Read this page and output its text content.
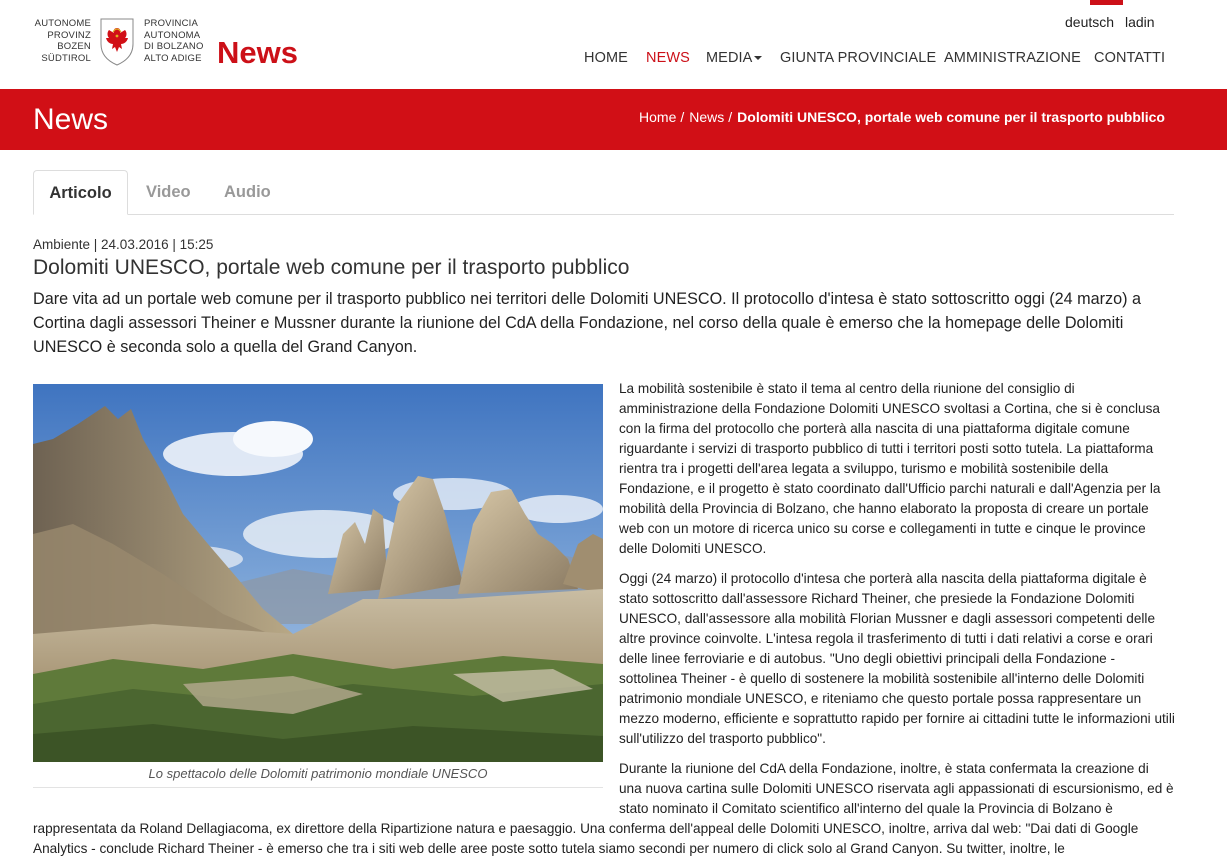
AUTONOME
PROVINZ
BOZEN
SÜDTIROL
PROVINCIA
AUTONOMA
DI BOLZANO
ALTO ADIGE News
deutsch ladin
HOME NEWS MEDIA	GIUNTA PROVINCIALE AMMINISTRAZIONE CONTATTI
News	Home / News / Dolomiti UNESCO, portale web comune per il trasporto pubblico
Articolo	Video Audio
Ambiente | 24.03.2016 | 15:25
Dolomiti UNESCO, portale web comune per il trasporto pubblico

Dare vita ad un portale web comune per il trasporto pubblico nei territori delle Dolomiti UNESCO. Il protocollo d'intesa è stato sottoscritto oggi (24 marzo) a Cortina dagli assessori Theiner e Mussner durante la riunione del CdA della Fondazione, nel corso della quale è emerso che la homepage delle Dolomiti UNESCO è seconda solo a quella del Grand Canyon.

Lo spettacolo delle Dolomiti patrimonio mondiale UNESCO

La mobilità sostenibile è stato il tema al centro della riunione del consiglio di amministrazione della Fondazione Dolomiti UNESCO svoltasi a Cortina, che si è conclusa con la firma del protocollo che porterà alla nascita di una piattaforma digitale comune riguardante i servizi di trasporto pubblico di tutti i territori posti sotto tutela. La piattaforma rientra tra i progetti dell'area legata a sviluppo, turismo e mobilità sostenibile della Fondazione, e il progetto è stato coordinato dall'Ufficio parchi naturali e dall'Agenzia per la mobilità della Provincia di Bolzano, che hanno elaborato la proposta di creare un portale web con un motore di ricerca unico su corse e collegamenti in tutte e cinque le province delle Dolomiti UNESCO.

Oggi (24 marzo) il protocollo d'intesa che porterà alla nascita della piattaforma digitale è stato sottoscritto dall'assessore Richard Theiner, che presiede la Fondazione Dolomiti UNESCO, dall'assessore alla mobilità Florian Mussner e dagli assessori competenti delle altre province coinvolte. L'intesa regola il trasferimento di tutti i dati relativi a corse e orari delle linee ferroviarie e di autobus. "Uno degli obiettivi principali della Fondazione - sottolinea Theiner - è quello di sostenere la mobilità sostenibile all'interno delle Dolomiti patrimonio mondiale UNESCO, e riteniamo che questo portale possa rappresentare un mezzo moderno, efficiente e soprattutto rapido per fornire ai cittadini tutte le informazioni utili sull'utilizzo del trasporto pubblico".

Durante la riunione del CdA della Fondazione, inoltre, è stata confermata la creazione di una nuova cartina sulle Dolomiti UNESCO riservata agli appassionati di escursionismo, ed è stato nominato il Comitato scientifico all'interno del quale la Provincia di Bolzano è

rappresentata da Roland Dellagiacoma, ex direttore della Ripartizione natura e paesaggio. Una conferma dell'appeal delle Dolomiti UNESCO, inoltre, arriva dal web: "Dai dati di Google Analytics - conclude Richard Theiner - è emerso che tra i siti web delle aree poste sotto tutela siamo secondi per numero di click solo al Grand Canyon. Su twitter, inoltre, le
